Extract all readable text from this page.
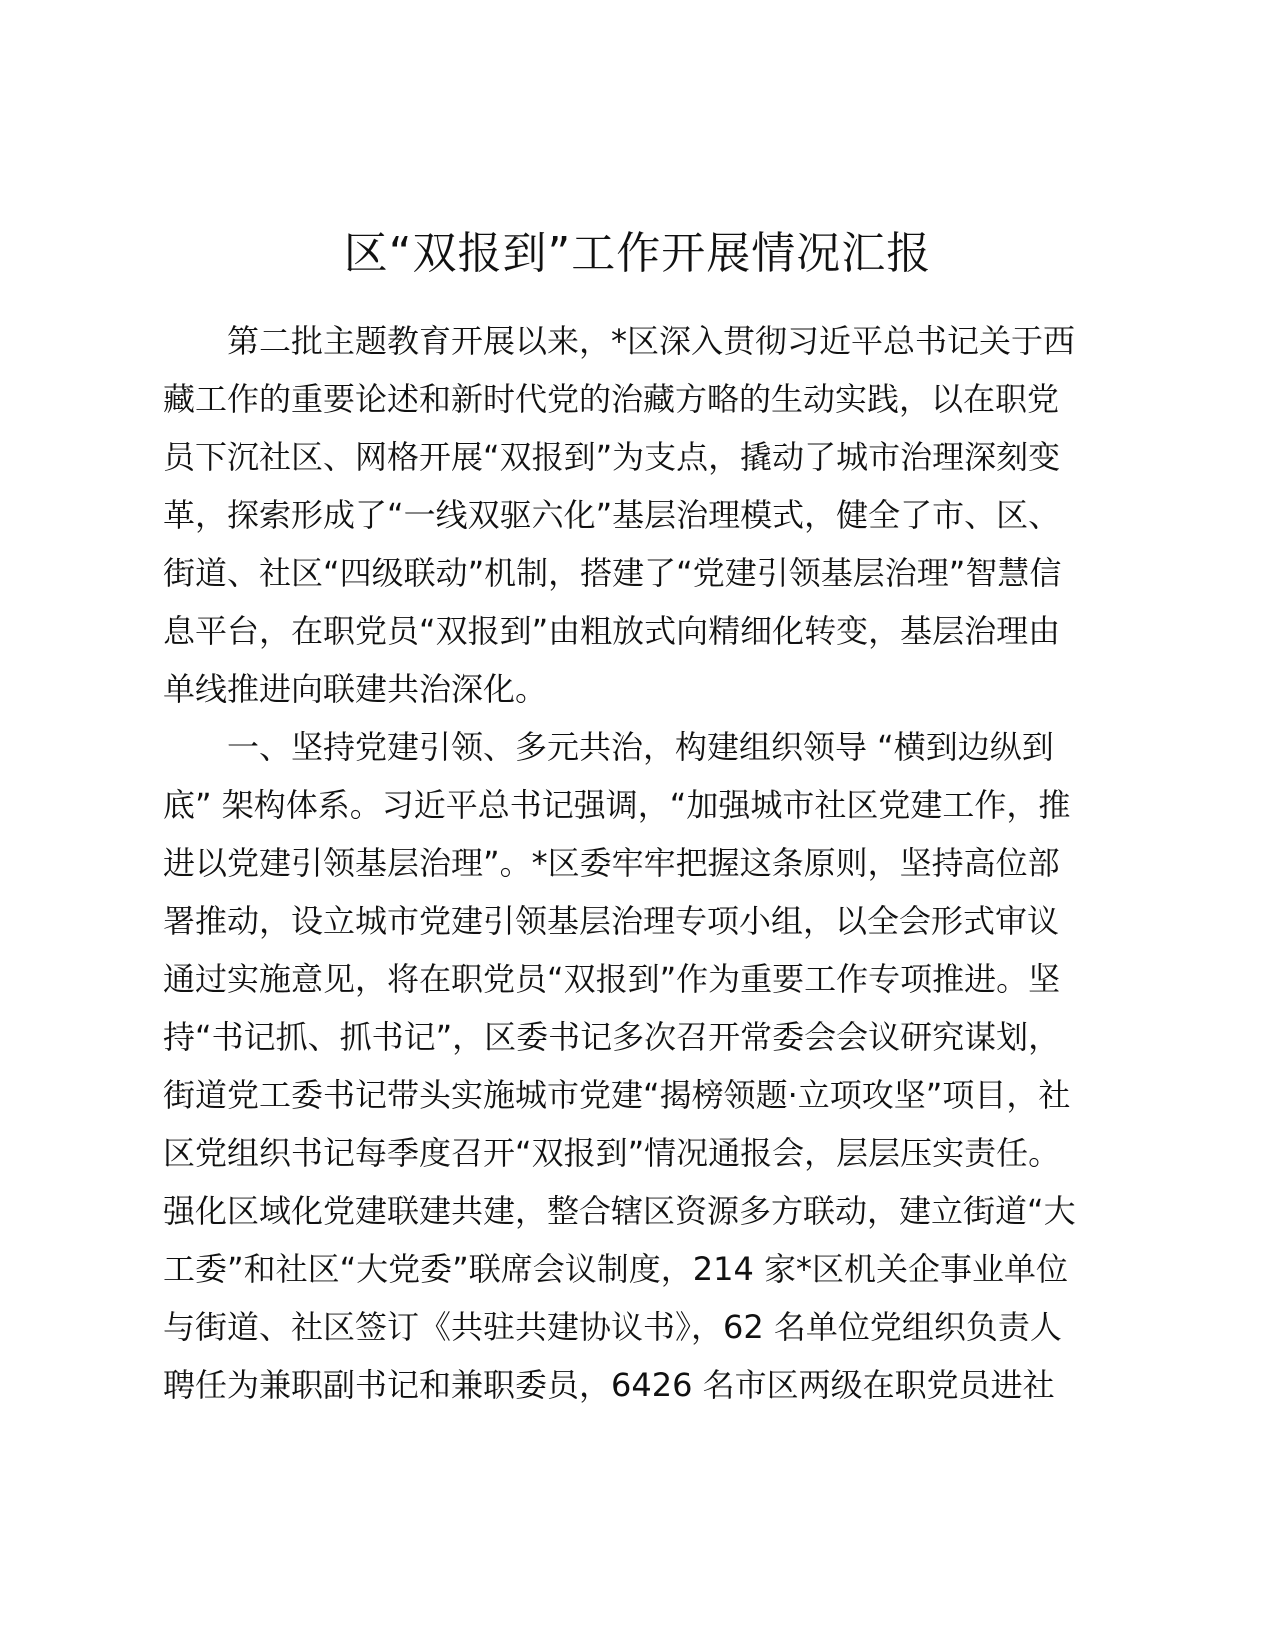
区“双报到”工作开展情况汇报
第二批主题教育开展以来，*区深入贯彻习近平总书记关于西
藏工作的重要论述和新时代党的治藏方略的生动实践，以在职党
员下沉社区、网格开展“双报到”为支点，撬动了城市治理深刻变
革，探索形成了“一线双驱六化”基层治理模式，健全了市、区、
街道、社区“四级联动”机制，搭建了“党建引领基层治理”智慧信
息平台，在职党员“双报到”由粗放式向精细化转变，基层治理由
单线推进向联建共治深化。
一、坚持党建引领、多元共治，构建组织领导 “横到边纵到
底” 架构体系。习近平总书记强调，“加强城市社区党建工作，推
进以党建引领基层治理”。*区委牢牢把握这条原则，坚持高位部
署推动，设立城市党建引领基层治理专项小组，以全会形式审议
通过实施意见，将在职党员“双报到”作为重要工作专项推进。坚
持“书记抓、抓书记”，区委书记多次召开常委会会议研究谋划，
街道党工委书记带头实施城市党建“揭榜领题·立项攻坚”项目，社
区党组织书记每季度召开“双报到”情况通报会，层层压实责任。
强化区域化党建联建共建，整合辖区资源多方联动，建立街道“大
工委”和社区“大党委”联席会议制度，214 家*区机关企事业单位
与街道、社区签订《共驻共建协议书》，62 名单位党组织负责人
聘任为兼职副书记和兼职委员，6426 名市区两级在职党员进社
